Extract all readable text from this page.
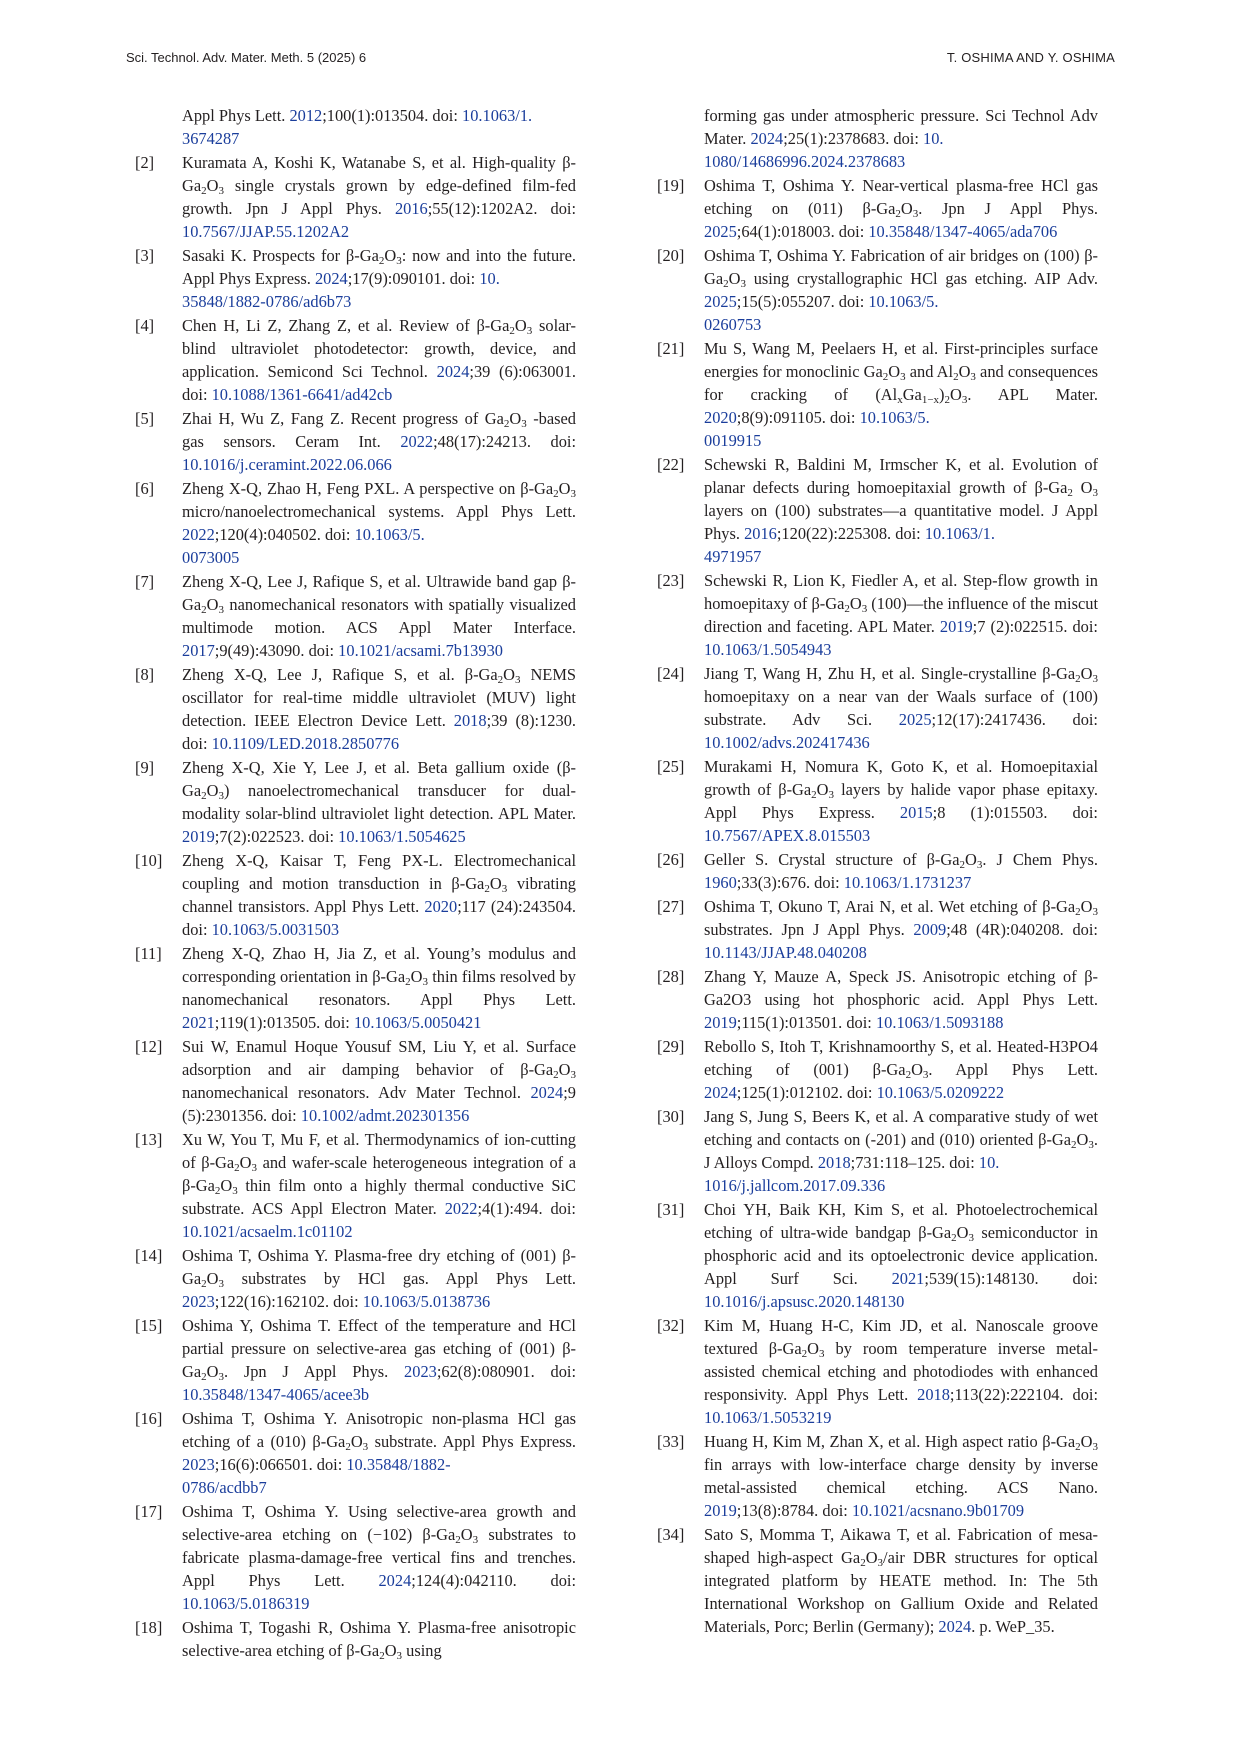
Sci. Technol. Adv. Mater. Meth. 5 (2025) 6	T. OSHIMA AND Y. OSHIMA
Appl Phys Lett. 2012;100(1):013504. doi: 10.1063/1.
3674287
[2]	Kuramata A, Koshi K, Watanabe S, et al. High-quality $\beta-Ga_2O_3$ single crystals grown by edge-defined film-fed growth. Jpn J Appl Phys. 2016;55(12):1202A2. doi: 10.7567/JJAP.55.1202A2
[3]	Sasaki K. Prospects for $\beta-Ga_2O_3$: now and into the future. Appl Phys Express. 2024;17(9):090101. doi: 10.
35848/1882-0786/ad6b73
[4]	Chen H, Li Z, Zhang Z, et al. Review of $\beta-Ga_2O_3$ solar-blind ultraviolet photodetector: growth, device, and application. Semicond Sci Technol. 2024;39 (6):063001. doi: 10.1088/1361-6641/ad42cb
[5]	Zhai H, Wu Z, Fang Z. Recent progress of $Ga_2O_3$ -based gas sensors. Ceram Int. 2022;48(17):24213. doi: 10.1016/j.ceramint.2022.06.066
[6]	Zheng X-Q, Zhao H, Feng PXL. A perspective on $\beta-Ga_2O_3$ micro/nanoelectromechanical systems. Appl Phys Lett. 2022;120(4):040502. doi: 10.1063/5.
0073005
[7]	Zheng X-Q, Lee J, Rafique S, et al. Ultrawide band gap $\beta-Ga_2O_3$ nanomechanical resonators with spatially visualized multimode motion. ACS Appl Mater Interface. 2017;9(49):43090. doi: 10.1021/acsami.7b13930
[8]	Zheng X-Q, Lee J, Rafique S, et al. $\beta-Ga_2O_3$ NEMS oscillator for real-time middle ultraviolet (MUV) light detection. IEEE Electron Device Lett. 2018;39 (8):1230. doi: 10.1109/LED.2018.2850776
[9]	Zheng X-Q, Xie Y, Lee J, et al. Beta gallium oxide $(\beta-Ga_2O_3)$ nanoelectromechanical transducer for dual-modality solar-blind ultraviolet light detection. APL Mater. 2019;7(2):022523. doi: 10.1063/1.5054625
[10]	Zheng X-Q, Kaisar T, Feng PX-L. Electromechanical coupling and motion transduction in $\beta-Ga_2O_3$ vibrating channel transistors. Appl Phys Lett. 2020;117 (24):243504. doi: 10.1063/5.0031503
[11]	Zheng X-Q, Zhao H, Jia Z, et al. Young’s modulus and corresponding orientation in $\beta-Ga_2O_3$ thin films resolved by nanomechanical resonators. Appl Phys Lett. 2021;119(1):013505. doi: 10.1063/5.0050421
[12]	Sui W, Enamul Hoque Yousuf SM, Liu Y, et al. Surface adsorption and air damping behavior of $\beta-Ga_2O_3$ nanomechanical resonators. Adv Mater Technol. 2024;9 (5):2301356. doi: 10.1002/admt.202301356
[13]	Xu W, You T, Mu F, et al. Thermodynamics of ion-cutting of $\beta-Ga_2O_3$ and wafer-scale heterogeneous integration of a $\beta-Ga_2O_3$ thin film onto a highly thermal conductive SiC substrate. ACS Appl Electron Mater. 2022;4(1):494. doi: 10.1021/acsaelm.1c01102
[14]	Oshima T, Oshima Y. Plasma-free dry etching of (001) $\beta-Ga_2O_3$ substrates by HCl gas. Appl Phys Lett. 2023;122(16):162102. doi: 10.1063/5.0138736
[15]	Oshima Y, Oshima T. Effect of the temperature and HCl partial pressure on selective-area gas etching of (001) $\beta-Ga_2O_3$. Jpn J Appl Phys. 2023;62(8):080901. doi: 10.35848/1347-4065/acee3b
[16]	Oshima T, Oshima Y. Anisotropic non-plasma HCl gas etching of a (010) $\beta-Ga_2O_3$ substrate. Appl Phys Express. 2023;16(6):066501. doi: 10.35848/1882-
0786/acdbb7
[17]	Oshima T, Oshima Y. Using selective-area growth and selective-area etching on (−102) $\beta-Ga_2O_3$ substrates to fabricate plasma-damage-free vertical fins and trenches. Appl Phys Lett. 2024;124(4):042110. doi: 10.1063/5.0186319
[18]	Oshima T, Togashi R, Oshima Y. Plasma-free anisotropic selective-area etching of $\beta-Ga_2O_3$ using
forming gas under atmospheric pressure. Sci Technol Adv Mater. 2024;25(1):2378683. doi: 10.
1080/14686996.2024.2378683
[19]	Oshima T, Oshima Y. Near-vertical plasma-free HCl gas etching on (011) $\beta-Ga_2O_3$. Jpn J Appl Phys. 2025;64(1):018003. doi: 10.35848/1347-4065/ada706
[20]	Oshima T, Oshima Y. Fabrication of air bridges on (100) $\beta-Ga_2O_3$ using crystallographic HCl gas etching. AIP Adv. 2025;15(5):055207. doi: 10.1063/5.
0260753
[21]	Mu S, Wang M, Peelaers H, et al. First-principles surface energies for monoclinic $Ga_2O_3$ and $Al_2O_3$ and consequences for cracking of $(Al_xGa_{1-x})_2O_3$. APL Mater. 2020;8(9):091105. doi: 10.1063/5.
0019915
[22]	Schewski R, Baldini M, Irmscher K, et al. Evolution of planar defects during homoepitaxial growth of $\beta-Ga_2$ $O_3$ layers on (100) substrates—a quantitative model. J Appl Phys. 2016;120(22):225308. doi: 10.1063/1.
4971957
[23]	Schewski R, Lion K, Fiedler A, et al. Step-flow growth in homoepitaxy of $\beta-Ga_2O_3$ (100)—the influence of the miscut direction and faceting. APL Mater. 2019;7 (2):022515. doi: 10.1063/1.5054943
[24]	Jiang T, Wang H, Zhu H, et al. Single-crystalline $\beta-Ga_2O_3$ homoepitaxy on a near van der Waals surface of (100) substrate. Adv Sci. 2025;12(17):2417436. doi: 10.1002/advs.202417436
[25]	Murakami H, Nomura K, Goto K, et al. Homoepitaxial growth of $\beta-Ga_2O_3$ layers by halide vapor phase epitaxy. Appl Phys Express. 2015;8 (1):015503. doi: 10.7567/APEX.8.015503
[26]	Geller S. Crystal structure of $\beta-Ga_2O_3$. J Chem Phys. 1960;33(3):676. doi: 10.1063/1.1731237
[27]	Oshima T, Okuno T, Arai N, et al. Wet etching of $\beta-Ga_2O_3$ substrates. Jpn J Appl Phys. 2009;48 (4R):040208. doi: 10.1143/JJAP.48.040208
[28]	Zhang Y, Mauze A, Speck JS. Anisotropic etching of β-Ga2O3 using hot phosphoric acid. Appl Phys Lett. 2019;115(1):013501. doi: 10.1063/1.5093188
[29]	Rebollo S, Itoh T, Krishnamoorthy S, et al. Heated-H3PO4 etching of (001) $\beta-Ga_2O_3$. Appl Phys Lett. 2024;125(1):012102. doi: 10.1063/5.0209222
[30]	Jang S, Jung S, Beers K, et al. A comparative study of wet etching and contacts on (-201) and (010) oriented $\beta-Ga_2O_3$. J Alloys Compd. 2018;731:118–125. doi: 10.
1016/j.jallcom.2017.09.336
[31]	Choi YH, Baik KH, Kim S, et al. Photoelectrochemical etching of ultra-wide bandgap $\beta-Ga_2O_3$ semiconductor in phosphoric acid and its optoelectronic device application. Appl Surf Sci. 2021;539(15):148130. doi: 10.1016/j.apsusc.2020.148130
[32]	Kim M, Huang H-C, Kim JD, et al. Nanoscale groove textured $\beta-Ga_2O_3$ by room temperature inverse metal-assisted chemical etching and photodiodes with enhanced responsivity. Appl Phys Lett. 2018;113(22):222104. doi: 10.1063/1.5053219
[33]	Huang H, Kim M, Zhan X, et al. High aspect ratio $\beta-Ga_2O_3$ fin arrays with low-interface charge density by inverse metal-assisted chemical etching. ACS Nano. 2019;13(8):8784. doi: 10.1021/acsnano.9b01709
[34]	Sato S, Momma T, Aikawa T, et al. Fabrication of mesa-shaped high-aspect $Ga_2O_3$/air DBR structures for optical integrated platform by HEATE method. In: The 5th International Workshop on Gallium Oxide and Related Materials, Porc; Berlin (Germany); 2024. p. WeP_35.
